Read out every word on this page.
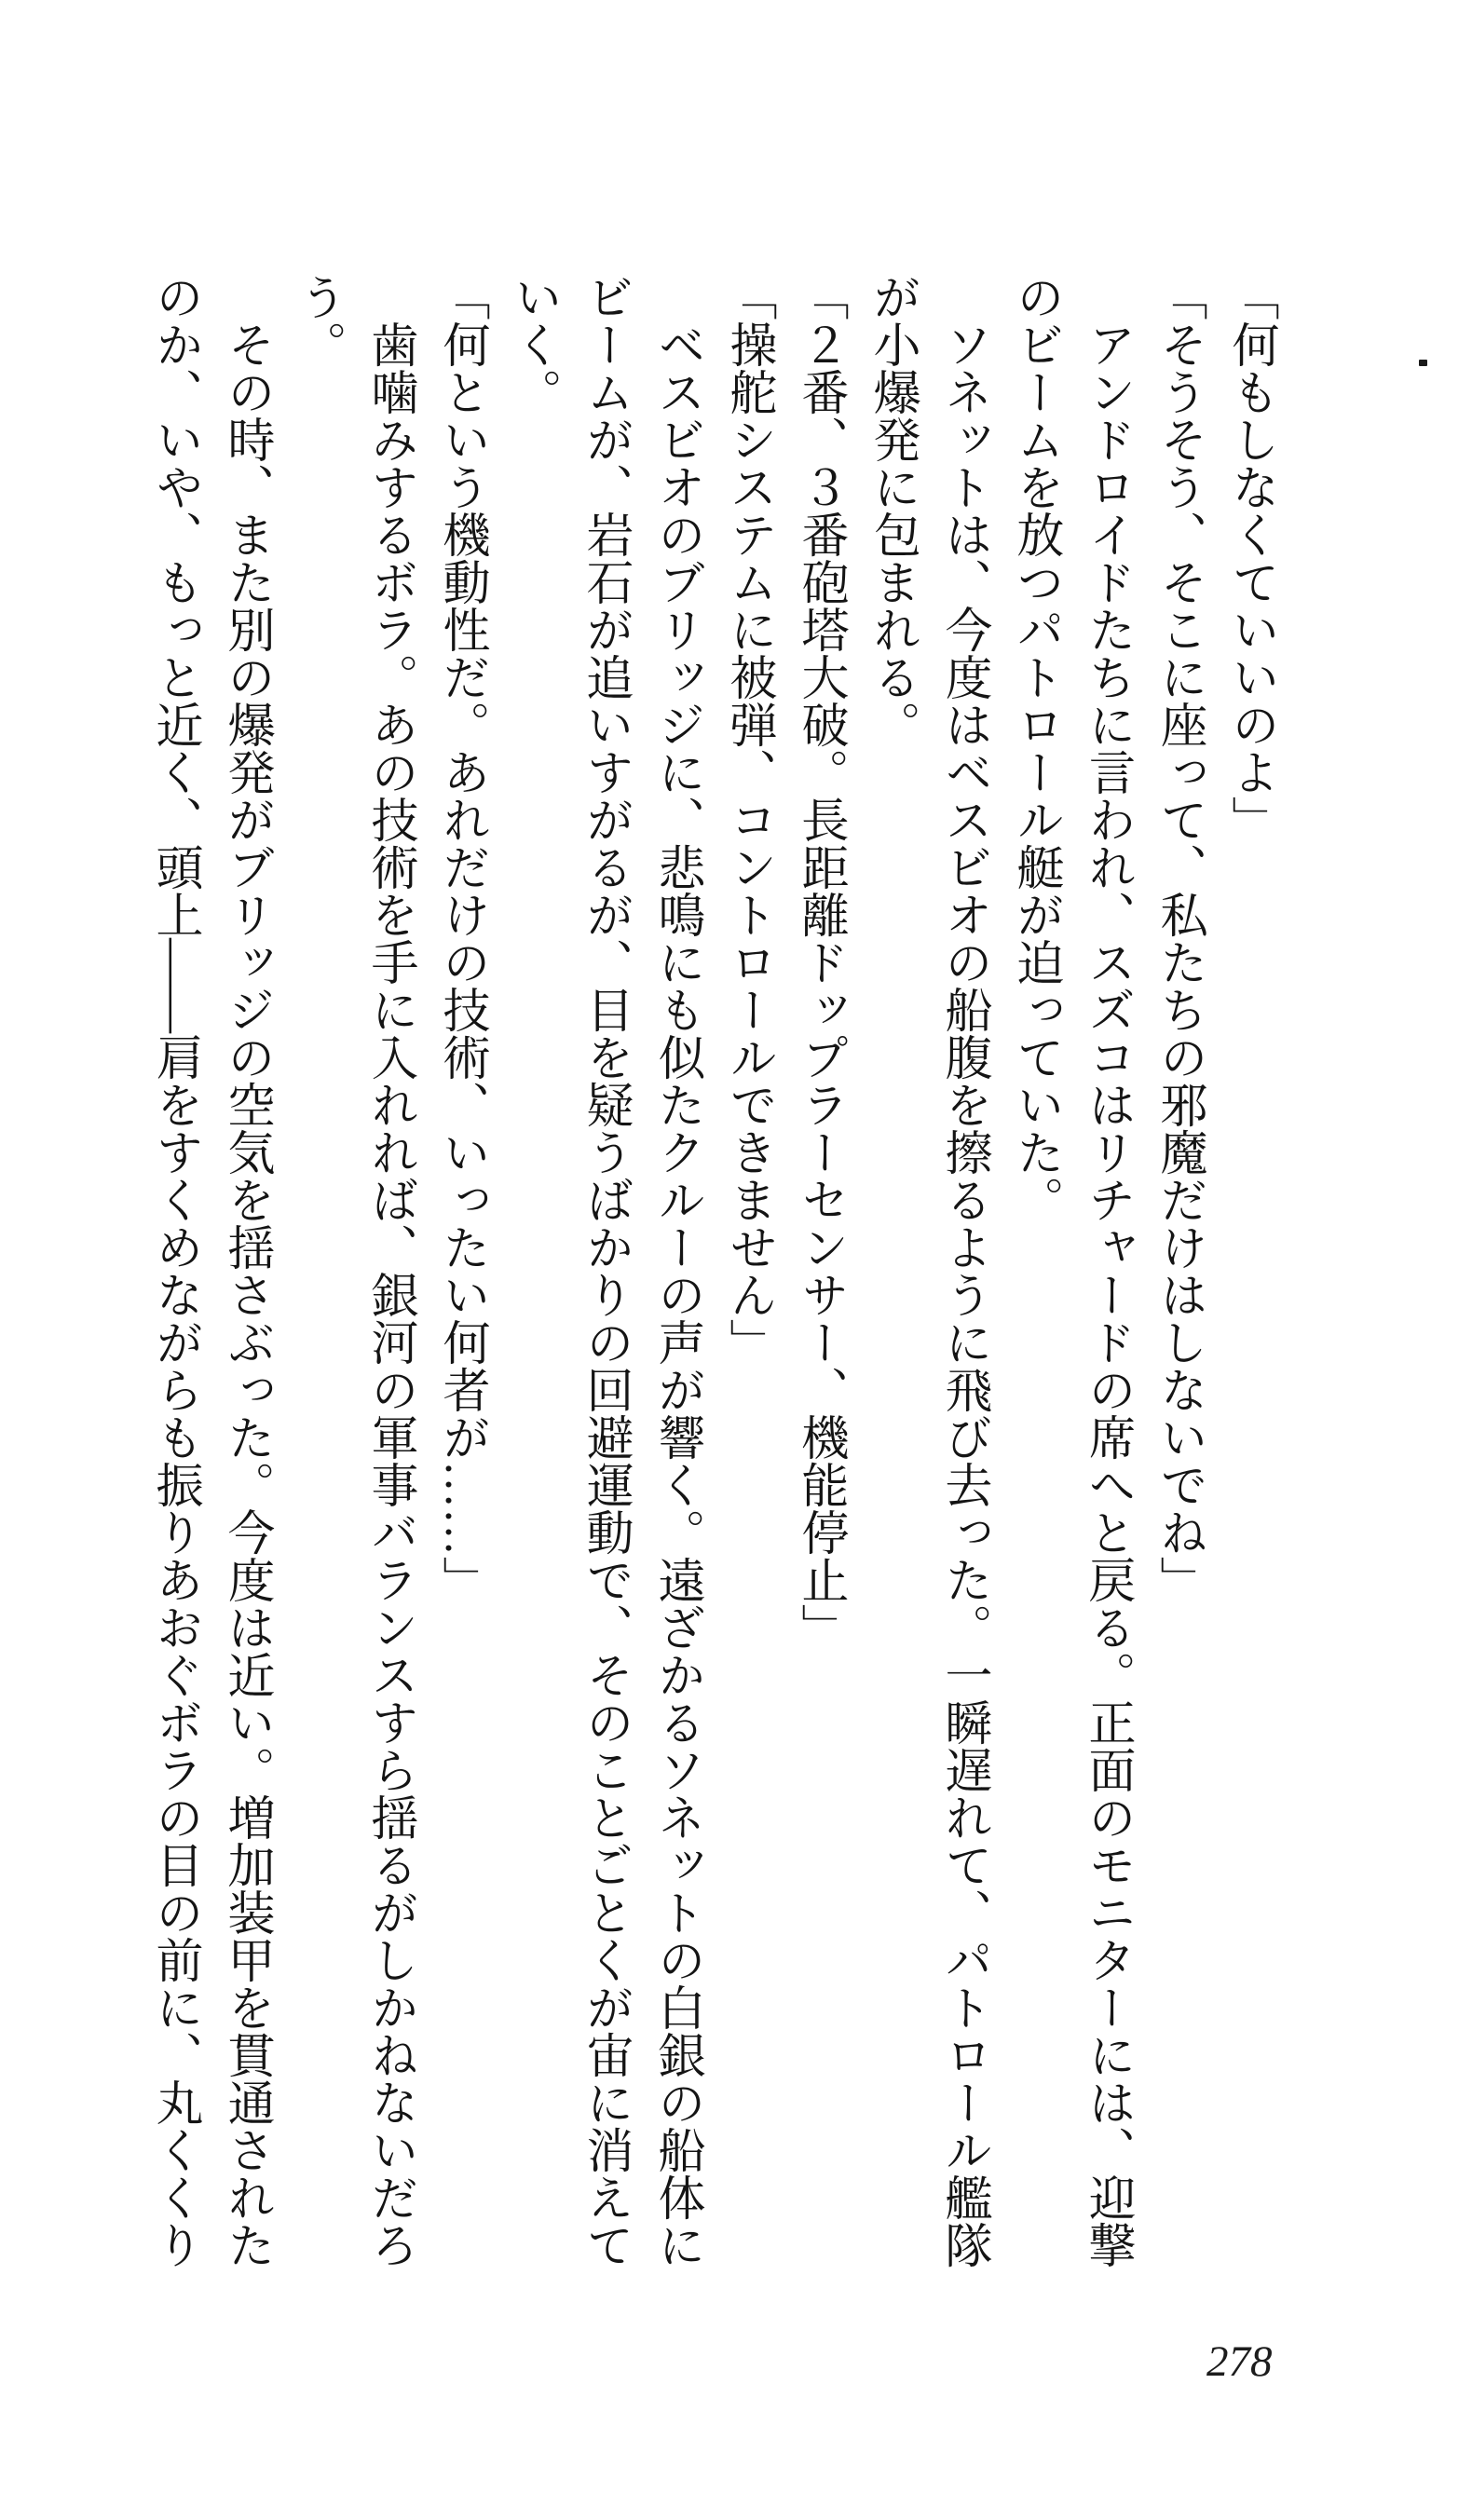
「何もしなくていいのよ」

「そうそう、そこに座って、私たちの邪魔だけはしないでね」

アンドロイドたちに言われ、スズコはリチャードの席へと戻る。正面のモニターには、迎撃のビームを放つパトロール艇が迫っていた。

ソネットは、今度はベスビオの船腹を擦るように飛び去った。一瞬遅れて、パトロール艦隊が小爆発に包まれる。

「２番、３番砲塔大破。長距離ドップラーセンサー、機能停止」

「操舵システムに被弾、コントロールできません」

ベスビオのブリッジに、悲鳴にも似たクルーの声が響く。遠ざかるソネットの白銀の船体にビームが、岩石が追いすがるが、目を疑うばかりの回避運動で、そのことごとくが宙に消えていく。

「何という機動性だ。あれだけの技術、いったい何者が……」

歯噛みするボラ。あの技術を手に入れれば、銀河の軍事バランスすら揺るがしかねないだろう。

その時、また別の爆発がブリッジの空気を揺さぶった。今度は近い。増加装甲を貫通されたのか、いや、もっと近く、頭上——肩をすくめながらも振りあおぐボラの目の前に、丸くくり

278
